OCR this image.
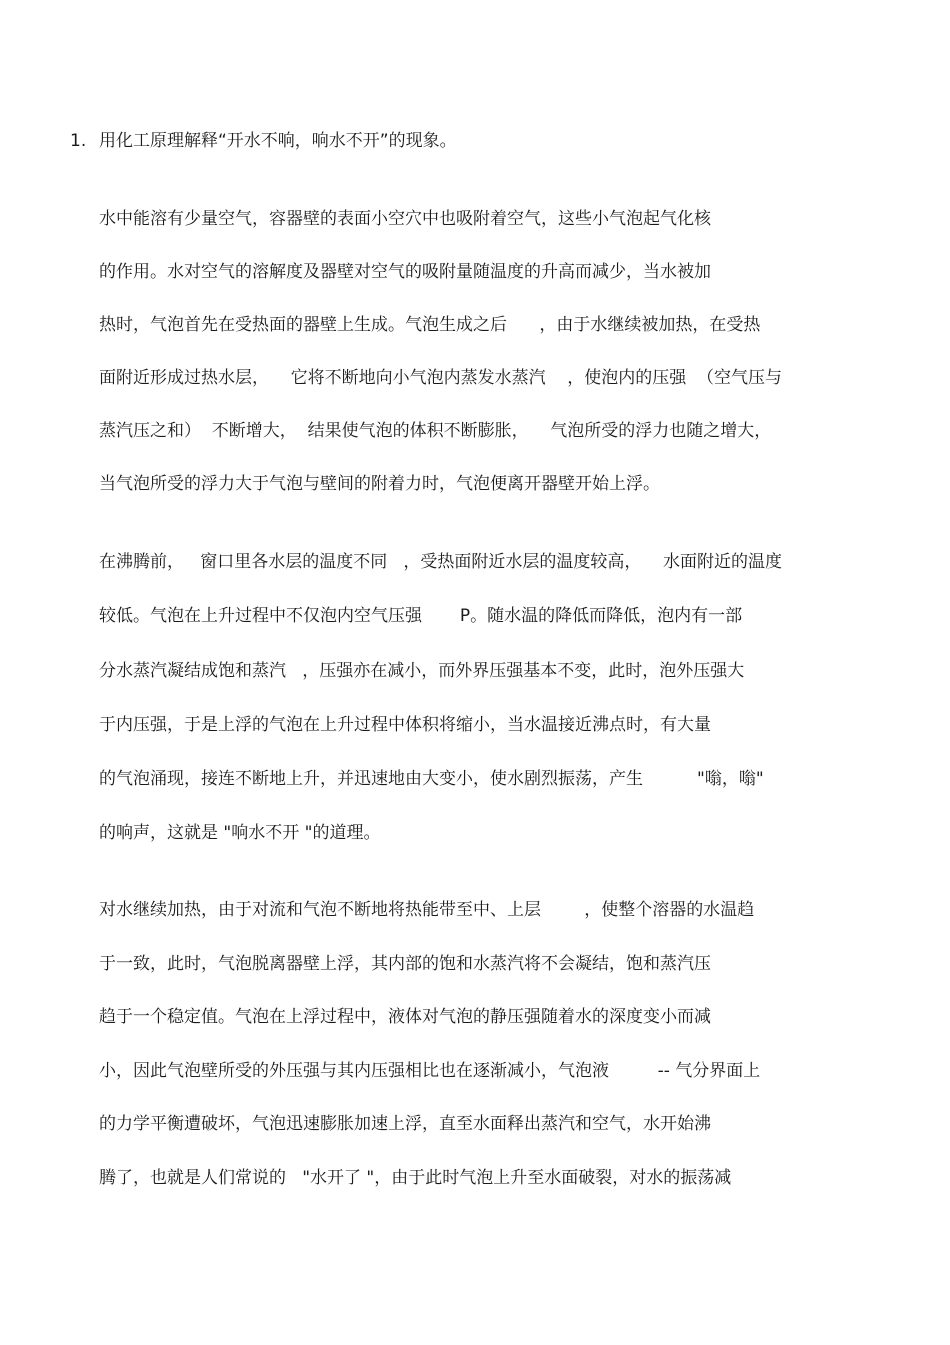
1. 用化工原理解释“开水不响，响水不开”的现象。
水中能溶有少量空气，容器壁的表面小空穴中也吸附着空气，这些小气泡起气化核
的作用。水对空气的溶解度及器壁对空气的吸附量随温度的升高而减少，当水被加
热时，气泡首先在受热面的器壁上生成。气泡生成之后      ，由于水继续被加热，在受热
面附近形成过热水层，    它将不断地向小气泡内蒸发水蒸汽    ，使泡内的压强  （空气压与
蒸汽压之和）  不断增大，  结果使气泡的体积不断膨胀，    气泡所受的浮力也随之增大，
当气泡所受的浮力大于气泡与壁间的附着力时，气泡便离开器壁开始上浮。
在沸腾前，   窗口里各水层的温度不同   ，受热面附近水层的温度较高，    水面附近的温度
较低。气泡在上升过程中不仅泡内空气压强       P。随水温的降低而降低，泡内有一部
分水蒸汽凝结成饱和蒸汽   ，压强亦在减小，而外界压强基本不变，此时，泡外压强大
于内压强，于是上浮的气泡在上升过程中体积将缩小，当水温接近沸点时，有大量
的气泡涌现，接连不断地上升，并迅速地由大变小，使水剧烈振荡，产生          "嗡，嗡"
的响声，这就是 "响水不开 "的道理。
对水继续加热，由于对流和气泡不断地将热能带至中、上层        ，使整个溶器的水温趋
于一致，此时，气泡脱离器壁上浮，其内部的饱和水蒸汽将不会凝结，饱和蒸汽压
趋于一个稳定值。气泡在上浮过程中，液体对气泡的静压强随着水的深度变小而减
小，因此气泡壁所受的外压强与其内压强相比也在逐渐减小，气泡液         -- 气分界面上
的力学平衡遭破坏，气泡迅速膨胀加速上浮，直至水面释出蒸汽和空气，水开始沸
腾了，也就是人们常说的   "水开了 "，由于此时气泡上升至水面破裂，对水的振荡减
